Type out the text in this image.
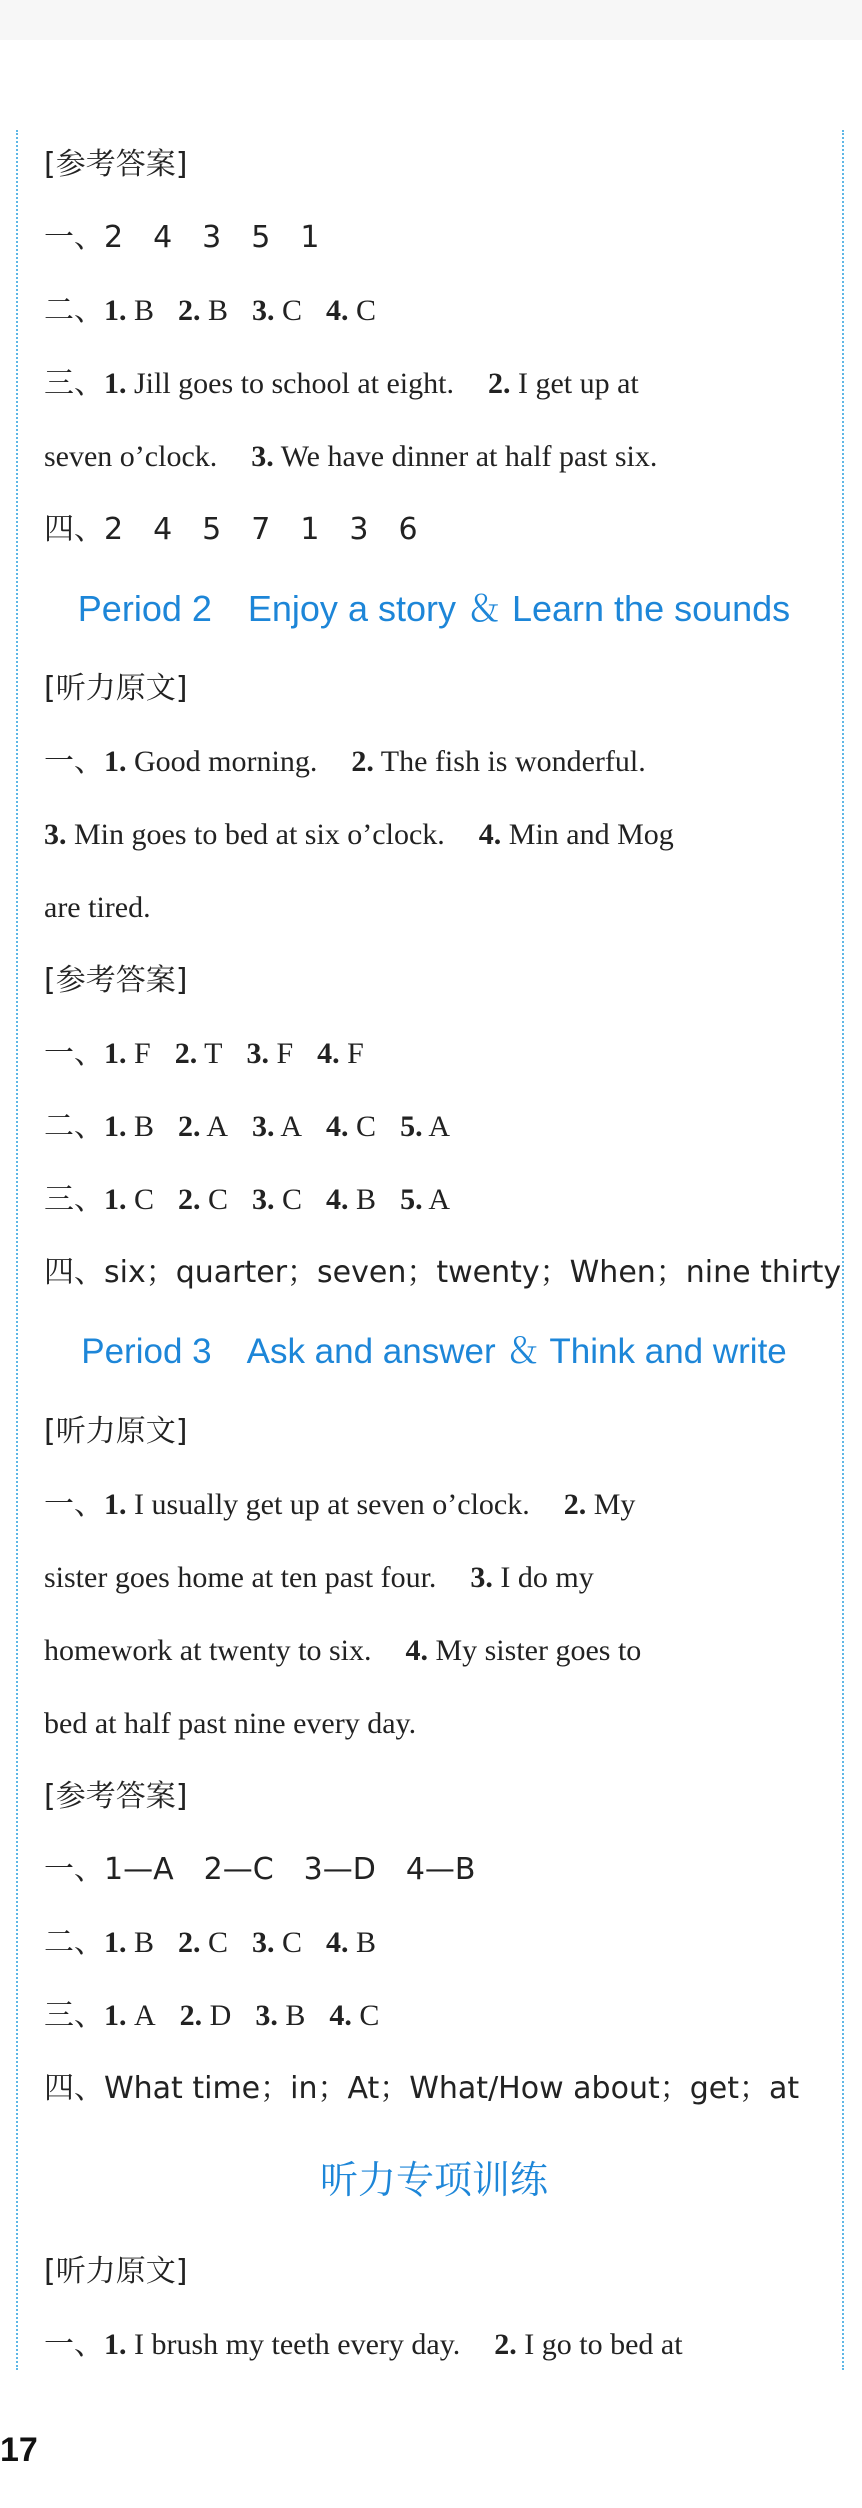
[参考答案]
一、2　4　3　5　1
二、1. B 2. B 3. C 4. C
三、1. Jill goes to school at eight. 2. I get up at
seven o’clock. 3. We have dinner at half past six.
四、2　4　5　7　1　3　6
Period 2　Enjoy a story ＆ Learn the sounds
[听力原文]
一、1. Good morning. 2. The fish is wonderful.
3. Min goes to bed at six o’clock. 4. Min and Mog
are tired.
[参考答案]
一、1. F 2. T 3. F 4. F
二、1. B 2. A 3. A 4. C 5. A
三、1. C 2. C 3. C 4. B 5. A
四、six；quarter；seven；twenty；When；nine thirty
Period 3　Ask and answer ＆ Think and write
[听力原文]
一、1. I usually get up at seven o’clock. 2. My
sister goes home at ten past four. 3. I do my
homework at twenty to six. 4. My sister goes to
bed at half past nine every day.
[参考答案]
一、1—A　2—C　3—D　4—B
二、1. B 2. C 3. C 4. B
三、1. A 2. D 3. B 4. C
四、What time；in；At；What/How about；get；at
听力专项训练
[听力原文]
一、1. I brush my teeth every day. 2. I go to bed at
17
